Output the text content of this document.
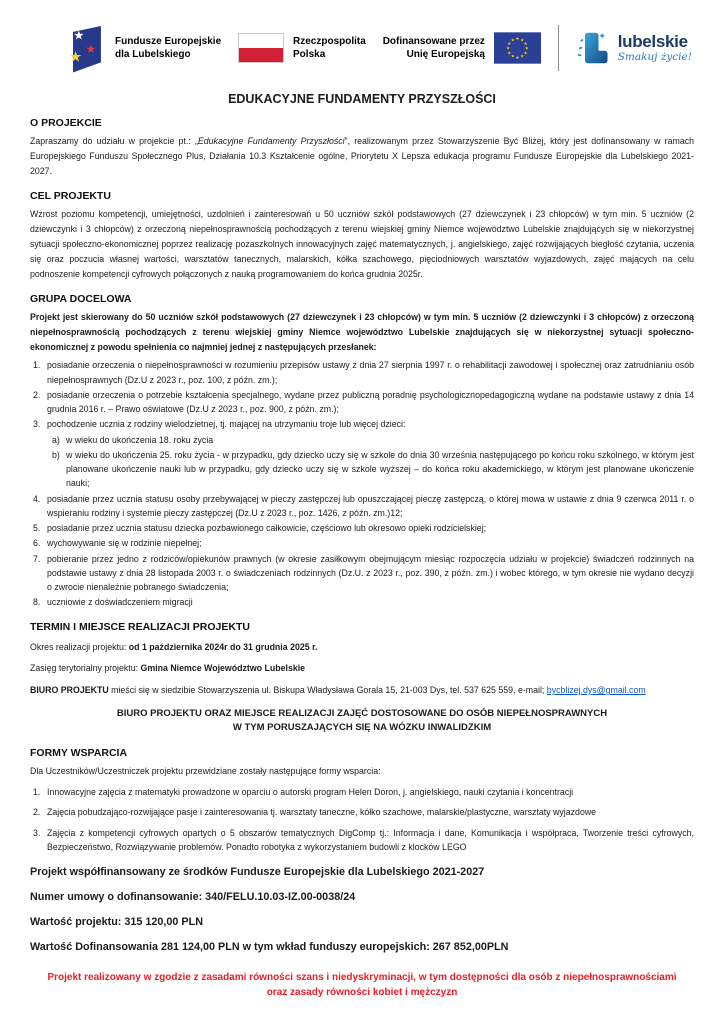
★
★
★
Fundusze Europejskie
dla Lubelskiego
Rzeczpospolita
Polska
Dofinansowane przez
Unię Europejską
★ ★
★
★
★
★
★
★
★
★
★
★	✦ lubelskie
Smakuj życie!
EDUKACYJNE FUNDAMENTY PRZYSZŁOŚCI
O PROJEKCIE

Zapraszamy do udziału w projekcie pt.: „Edukacyjne Fundamenty Przyszłości”, realizowanym przez Stowarzyszenie Być Bliżej, który jest dofinansowany w ramach Europejskiego Funduszu Społecznego Plus, Działania 10.3 Kształcenie ogólne, Priorytetu X Lepsza edukacja programu Fundusze Europejskie dla Lubelskiego 2021-2027.

CEL PROJEKTU

Wzrost poziomu kompetencji, umiejętności, uzdolnień i zainteresowań u 50 uczniów szkół podstawowych (27 dziewczynek i 23 chłopców) w tym min. 5 uczniów (2 dziewczynki i 3 chłopców) z orzeczoną niepełnosprawnością pochodzących z terenu wiejskiej gminy Niemce województwo Lubelskie znajdujących się w niekorzystnej sytuacji społeczno-ekonomicznej poprzez realizację pozaszkolnych innowacyjnych zajęć matematycznych, j. angielskiego, zajęć rozwijających biegłość czytania, uczenia się oraz poczucia własnej wartości, warsztatów tanecznych, malarskich, kółka szachowego, pięciodniowych warsztatów wyjazdowych, zajęć mających na celu podnoszenie kompetencji cyfrowych połączonych z nauką programowaniem do końca grudnia 2025r.

GRUPA DOCELOWA

Projekt jest skierowany do 50 uczniów szkół podstawowych (27 dziewczynek i 23 chłopców) w tym min. 5 uczniów (2 dziewczynki i 3 chłopców) z orzeczoną niepełnosprawnością pochodzących z terenu wiejskiej gminy Niemce województwo Lubelskie znajdujących się w niekorzystnej sytuacji społeczno-ekonomicznej z powodu spełnienia co najmniej jednej z następujących przesłanek:

1. posiadanie orzeczenia o niepełnosprawności w rozumieniu przepisów ustawy z dnia 27 sierpnia 1997 r. o rehabilitacji zawodowej i społecznej oraz zatrudnianiu osób niepełnosprawnych (Dz.U z 2023 r., poz. 100, z późn. zm.);
2. posiadanie orzeczenia o potrzebie kształcenia specjalnego, wydane przez publiczną poradnię psychologicznopedagogiczną wydane na podstawie ustawy z dnia 14 grudnia 2016 r. – Prawo oświatowe (Dz.U z 2023 r., poz. 900, z późn. zm.);
3. pochodzenie ucznia z rodziny wielodzietnej, tj. mającej na utrzymaniu troje lub więcej dzieci:
a) w wieku do ukończenia 18. roku życia
b) w wieku do ukończenia 25. roku życia - w przypadku, gdy dziecko uczy się w szkole do dnia 30 września następującego po końcu roku szkolnego, w którym jest planowane ukończenie nauki lub w przypadku, gdy dziecko uczy się w szkole wyższej – do końca roku akademickiego, w którym jest planowane ukończenie nauki;
4. posiadanie przez ucznia statusu osoby przebywającej w pieczy zastępczej lub opuszczającej pieczę zastępczą, o której mowa w ustawie z dnia 9 czerwca 2011 r. o wspieraniu rodziny i systemie pieczy zastępczej (Dz.U z 2023 r., poz. 1426, z późn. zm.)12;
5. posiadanie przez ucznia statusu dziecka pozbawionego całkowicie, częściowo lub okresowo opieki rodzicielskiej;
6. wychowywanie się w rodzinie niepełnej;
7. pobieranie przez jedno z rodziców/opiekunów prawnych (w okresie zasiłkowym obejmującym miesiąc rozpoczęcia udziału w projekcie) świadczeń rodzinnych na podstawie ustawy z dnia 28 listopada 2003 r. o świadczeniach rodzinnych (Dz.U. z 2023 r., poz. 390, z późn. zm.) i wobec którego, w tym okresie nie wydano decyzji o zwrocie nienależnie pobranego świadczenia;
8. uczniowie z doświadczeniem migracji
TERMIN I MIEJSCE REALIZACJI PROJEKTU

Okres realizacji projektu: od 1 października 2024r do 31 grudnia 2025 r.

Zasięg terytorialny projektu: Gmina Niemce Województwo Lubelskie

BIURO PROJEKTU mieści się w siedzibie Stowarzyszenia ul. Biskupa Władysława Gorala 15, 21-003 Dys, tel. 537 625 559, e-mail; bycblizej.dys@gmail.com

BIURO PROJEKTU ORAZ MIEJSCE REALIZACJI ZAJĘĆ DOSTOSOWANE DO OSÓB NIEPEŁNOSPRAWNYCH
W TYM PORUSZAJĄCYCH SIĘ NA WÓZKU INWALIDZKIM
FORMY WSPARCIA

Dla Uczestników/Uczestniczek projektu przewidziane zostały następujące formy wsparcia:

1. Innowacyjne zajęcia z matematyki prowadzone w oparciu o autorski program Helen Doron, j. angielskiego, nauki czytania i koncentracji
2. Zajęcia pobudzająco-rozwijające pasje i zainteresowania tj. warsztaty taneczne, kółko szachowe, malarskie/plastyczne, warsztaty wyjazdowe
3. Zajęcia z kompetencji cyfrowych opartych o 5 obszarów tematycznych DigComp tj.: Informacja i dane, Komunikacja i współpraca, Tworzenie treści cyfrowych, Bezpieczeństwo, Rozwiązywanie problemów. Ponadto robotyka z wykorzystaniem budowli z klocków LEGO

Projekt współfinansowany ze środków Fundusze Europejskie dla Lubelskiego 2021-2027

Numer umowy o dofinansowanie: 340/FELU.10.03-IZ.00-0038/24

Wartość projektu: 315 120,00 PLN

Wartość Dofinansowania 281 124,00 PLN w tym wkład funduszy europejskich: 267 852,00PLN

Projekt realizowany w zgodzie z zasadami równości szans i niedyskryminacji, w tym dostępności dla osób z niepełnosprawnościami oraz zasady równości kobiet i mężczyzn
